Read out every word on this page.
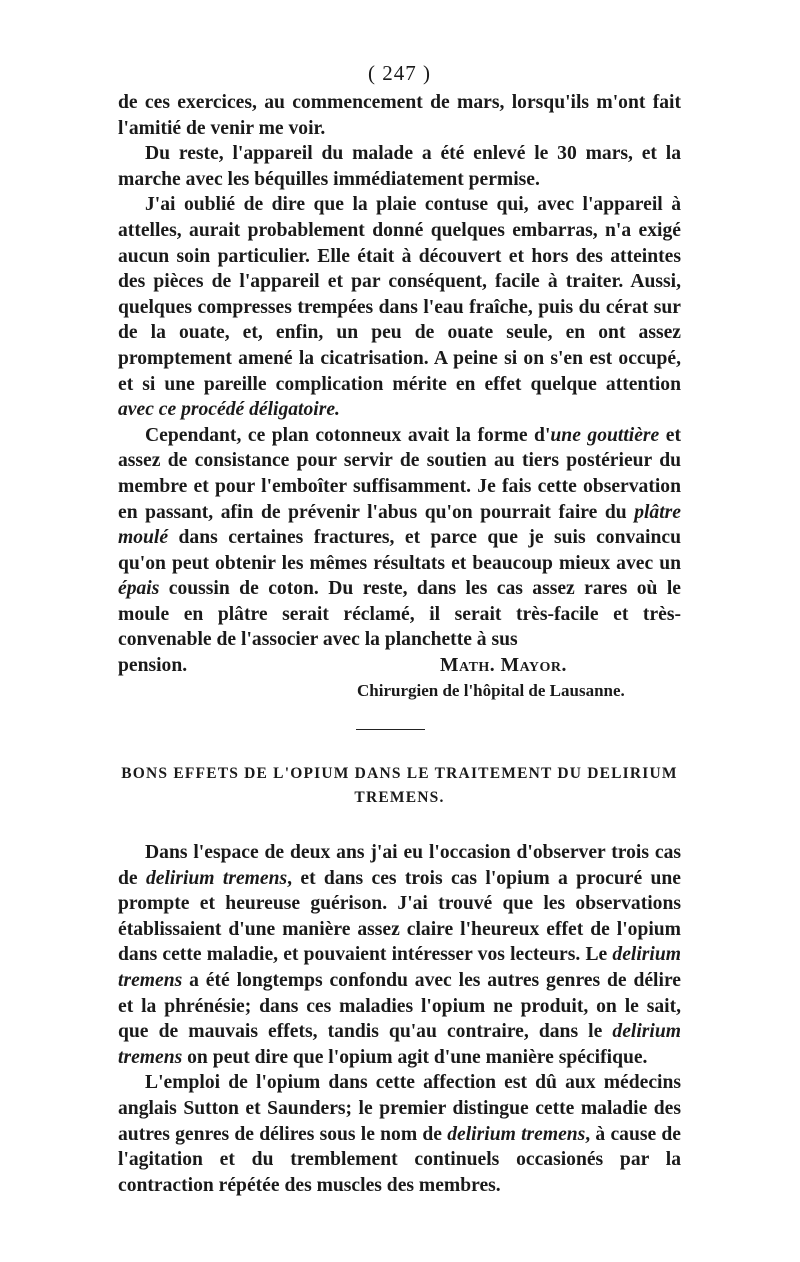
( 247 )

de ces exercices, au commencement de mars, lorsqu'ils m'ont fait l'amitié de venir me voir.

Du reste, l'appareil du malade a été enlevé le 30 mars, et la marche avec les béquilles immédiatement permise.

J'ai oublié de dire que la plaie contuse qui, avec l'appareil à attelles, aurait probablement donné quelques embarras, n'a exigé aucun soin particulier. Elle était à découvert et hors des atteintes des pièces de l'appareil et par conséquent, facile à traiter. Aussi, quelques compresses trempées dans l'eau fraîche, puis du cérat sur de la ouate, et, enfin, un peu de ouate seule, en ont assez promptement amené la cicatrisation. A peine si on s'en est occupé, et si une pareille complication mérite en effet quelque attention avec ce procédé déligatoire.

Cependant, ce plan cotonneux avait la forme d'une gouttière et assez de consistance pour servir de soutien au tiers postérieur du membre et pour l'emboîter suffisamment. Je fais cette observation en passant, afin de prévenir l'abus qu'on pourrait faire du plâtre moulé dans certaines fractures, et parce que je suis convaincu qu'on peut obtenir les mêmes résultats et beaucoup mieux avec un épais coussin de coton. Du reste, dans les cas assez rares où le moule en plâtre serait réclamé, il serait très-facile et très-convenable de l'associer avec la planchette à sus

pension.	Math. Mayor.
Chirurgien de l'hôpital de Lausanne.
BONS EFFETS DE L'OPIUM DANS LE TRAITEMENT DU DELIRIUM TREMENS.

Dans l'espace de deux ans j'ai eu l'occasion d'observer trois cas de delirium tremens, et dans ces trois cas l'opium a procuré une prompte et heureuse guérison. J'ai trouvé que les observations établissaient d'une manière assez claire l'heureux effet de l'opium dans cette maladie, et pouvaient intéresser vos lecteurs. Le delirium tremens a été longtemps confondu avec les autres genres de délire et la phrénésie; dans ces maladies l'opium ne produit, on le sait, que de mauvais effets, tandis qu'au contraire, dans le delirium tremens on peut dire que l'opium agit d'une manière spécifique.

L'emploi de l'opium dans cette affection est dû aux médecins anglais Sutton et Saunders; le premier distingue cette maladie des autres genres de délires sous le nom de delirium tremens, à cause de l'agitation et du tremblement continuels occasionés par la contraction répétée des muscles des membres.
